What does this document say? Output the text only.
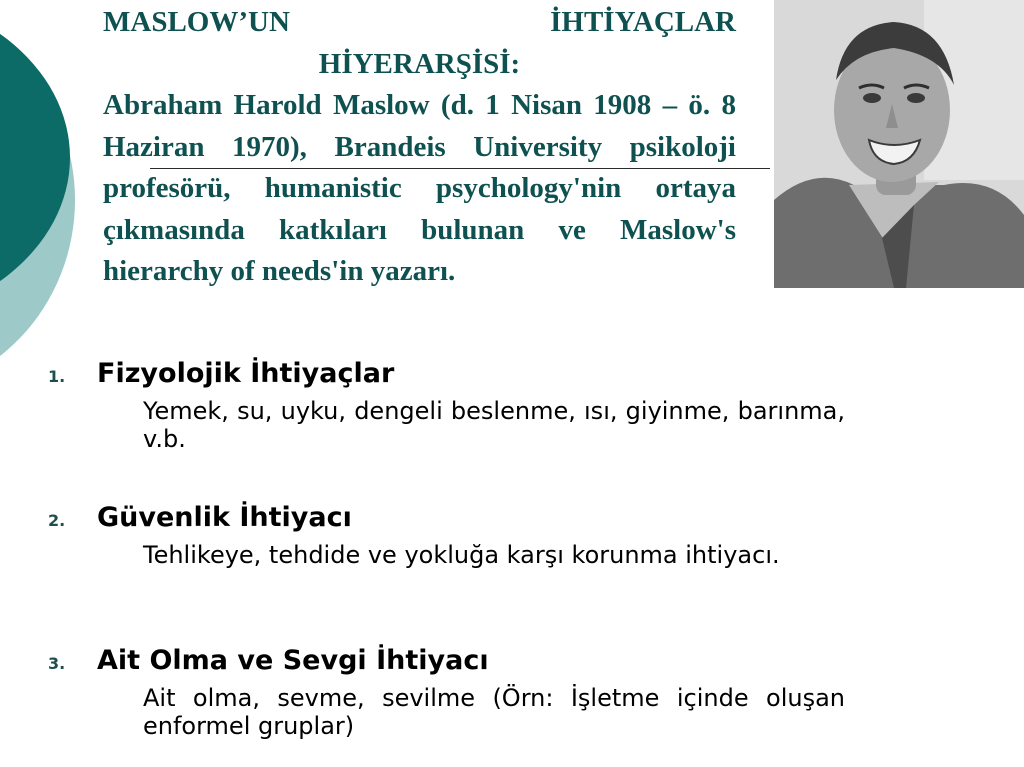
MASLOW’UN	İHTİYAÇLAR
HİYERARŞİSİ:
Abraham Harold Maslow (d. 1 Nisan 1908 – ö. 8 Haziran 1970), Brandeis University psikoloji profesörü, humanistic psychology'nin ortaya çıkmasında katkıları bulunan ve Maslow's hierarchy of needs'in yazarı.
1. Fizyolojik İhtiyaçlar
Yemek, su, uyku, dengeli beslenme, ısı, giyinme, barınma, v.b.
2. Güvenlik İhtiyacı
Tehlikeye, tehdide ve yokluğa karşı korunma ihtiyacı.
3. Ait Olma ve Sevgi İhtiyacı
Ait olma, sevme, sevilme (Örn: İşletme içinde oluşan enformel gruplar)
